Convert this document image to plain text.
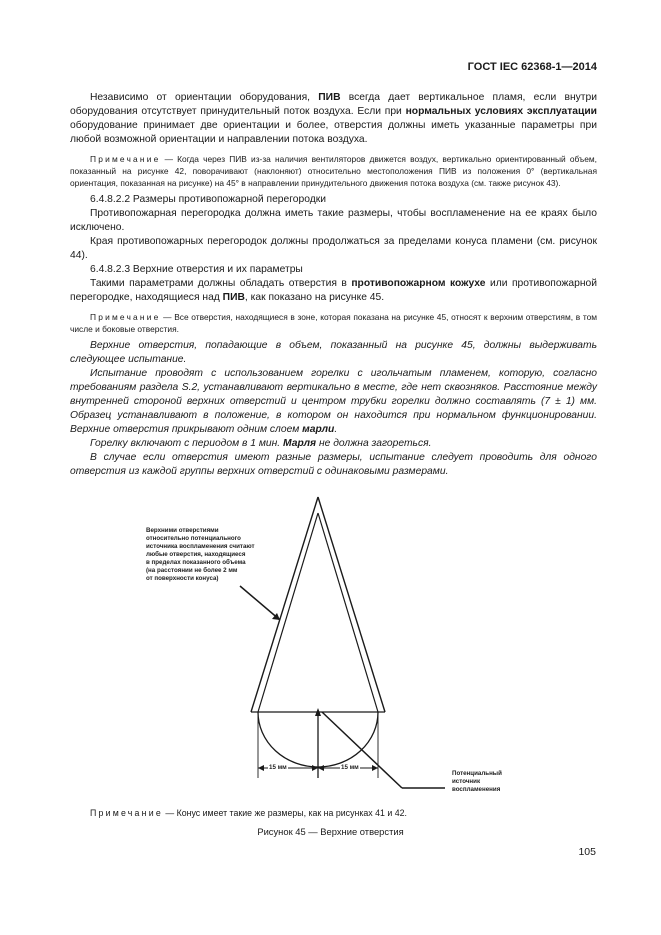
ГОСТ IEC 62368-1—2014

Независимо от ориентации оборудования, ПИВ всегда дает вертикальное пламя, если внутри оборудования отсутствует принудительный поток воздуха. Если при нормальных условиях эксплуатации оборудование принимает две ориентации и более, отверстия должны иметь указанные параметры при любой возможной ориентации и направлении потока воздуха.

Примечание — Когда через ПИВ из-за наличия вентиляторов движется воздух, вертикально ориентированный объем, показанный на рисунке 42, поворачивают (наклоняют) относительно местоположения ПИВ из положения 0° (вертикальная ориентация, показанная на рисунке) на 45° в направлении принудительного движения потока воздуха (см. также рисунок 43).

6.4.8.2.2 Размеры противопожарной перегородки

Противопожарная перегородка должна иметь такие размеры, чтобы воспламенение на ее краях было исключено.

Края противопожарных перегородок должны продолжаться за пределами конуса пламени (см. рисунок 44).

6.4.8.2.3 Верхние отверстия и их параметры

Такими параметрами должны обладать отверстия в противопожарном кожухе или противопожарной перегородке, находящиеся над ПИВ, как показано на рисунке 45.

Примечание — Все отверстия, находящиеся в зоне, которая показана на рисунке 45, относят к верхним отверстиям, в том числе и боковые отверстия.

Верхние отверстия, попадающие в объем, показанный на рисунке 45, должны выдерживать следующее испытание.

Испытание проводят с использованием горелки с игольчатым пламенем, которую, согласно требованиям раздела S.2, устанавливают вертикально в месте, где нет сквозняков. Расстояние между внутренней стороной верхних отверстий и центром трубки горелки должно составлять (7 ± 1) мм. Образец устанавливают в положение, в котором он находится при нормальном функционировании. Верхние отверстия прикрывают одним слоем марли.

Горелку включают с периодом в 1 мин. Марля не должна загореться.

В случае если отверстия имеют разные размеры, испытание следует проводить для одного отверстия из каждой группы верхних отверстий с одинаковыми размерами.

Верхними отверстиями
относительно потенциального
источника воспламенения считают
любые отверстия, находящиеся
в пределах показанного объема
(на расстоянии не более 2 мм
от поверхности конуса)
15 мм	15 мм
Потенциальный
источник
воспламенения
Примечание — Конус имеет такие же размеры, как на рисунках 41 и 42.
Рисунок 45 — Верхние отверстия
105
